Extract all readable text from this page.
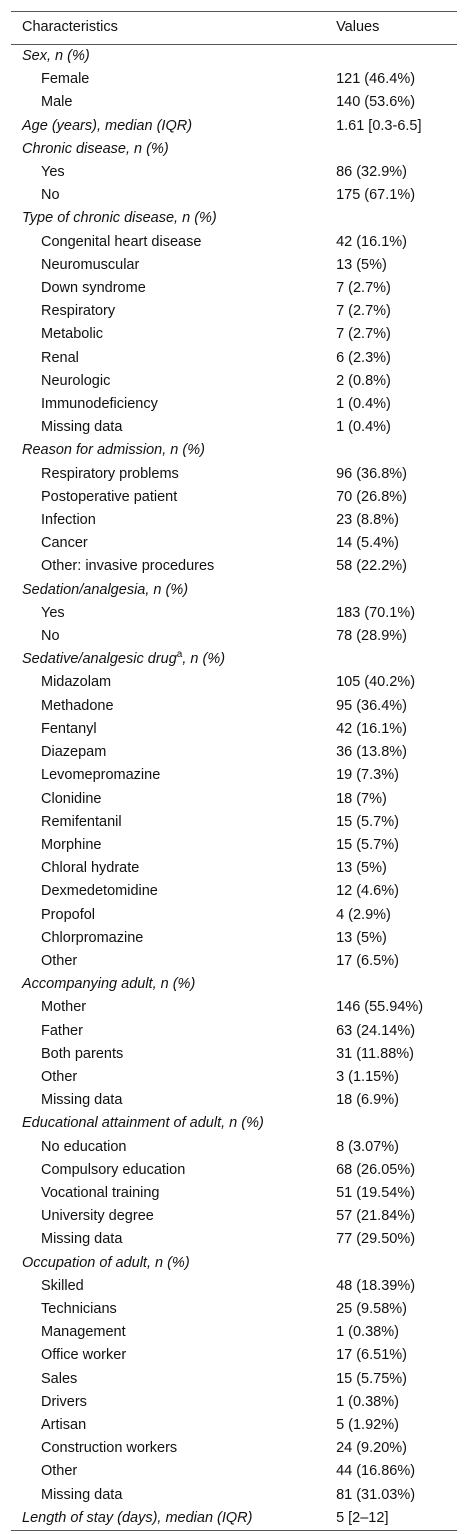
Characteristics	Values
Sex, n (%)	
Female	121 (46.4%)
Male	140 (53.6%)
Age (years), median (IQR)	1.61 [0.3-6.5]
Chronic disease, n (%)	
Yes	86 (32.9%)
No	175 (67.1%)
Type of chronic disease, n (%)	
Congenital heart disease	42 (16.1%)
Neuromuscular	13 (5%)
Down syndrome	7 (2.7%)
Respiratory	7 (2.7%)
Metabolic	7 (2.7%)
Renal	6 (2.3%)
Neurologic	2 (0.8%)
Immunodeficiency	1 (0.4%)
Missing data	1 (0.4%)
Reason for admission, n (%)	
Respiratory problems	96 (36.8%)
Postoperative patient	70 (26.8%)
Infection	23 (8.8%)
Cancer	14 (5.4%)
Other: invasive procedures	58 (22.2%)
Sedation/analgesia, n (%)	
Yes	183 (70.1%)
No	78 (28.9%)
Sedative/analgesic drug$^a$, n (%)	
Midazolam	105 (40.2%)
Methadone	95 (36.4%)
Fentanyl	42 (16.1%)
Diazepam	36 (13.8%)
Levomepromazine	19 (7.3%)
Clonidine	18 (7%)
Remifentanil	15 (5.7%)
Morphine	15 (5.7%)
Chloral hydrate	13 (5%)
Dexmedetomidine	12 (4.6%)
Propofol	4 (2.9%)
Chlorpromazine	13 (5%)
Other	17 (6.5%)
Accompanying adult, n (%)	
Mother	146 (55.94%)
Father	63 (24.14%)
Both parents	31 (11.88%)
Other	3 (1.15%)
Missing data	18 (6.9%)
Educational attainment of adult, n (%)	
No education	8 (3.07%)
Compulsory education	68 (26.05%)
Vocational training	51 (19.54%)
University degree	57 (21.84%)
Missing data	77 (29.50%)
Occupation of adult, n (%)	
Skilled	48 (18.39%)
Technicians	25 (9.58%)
Management	1 (0.38%)
Office worker	17 (6.51%)
Sales	15 (5.75%)
Drivers	1 (0.38%)
Artisan	5 (1.92%)
Construction workers	24 (9.20%)
Other	44 (16.86%)
Missing data	81 (31.03%)
Length of stay (days), median (IQR)	5 [2–12]
